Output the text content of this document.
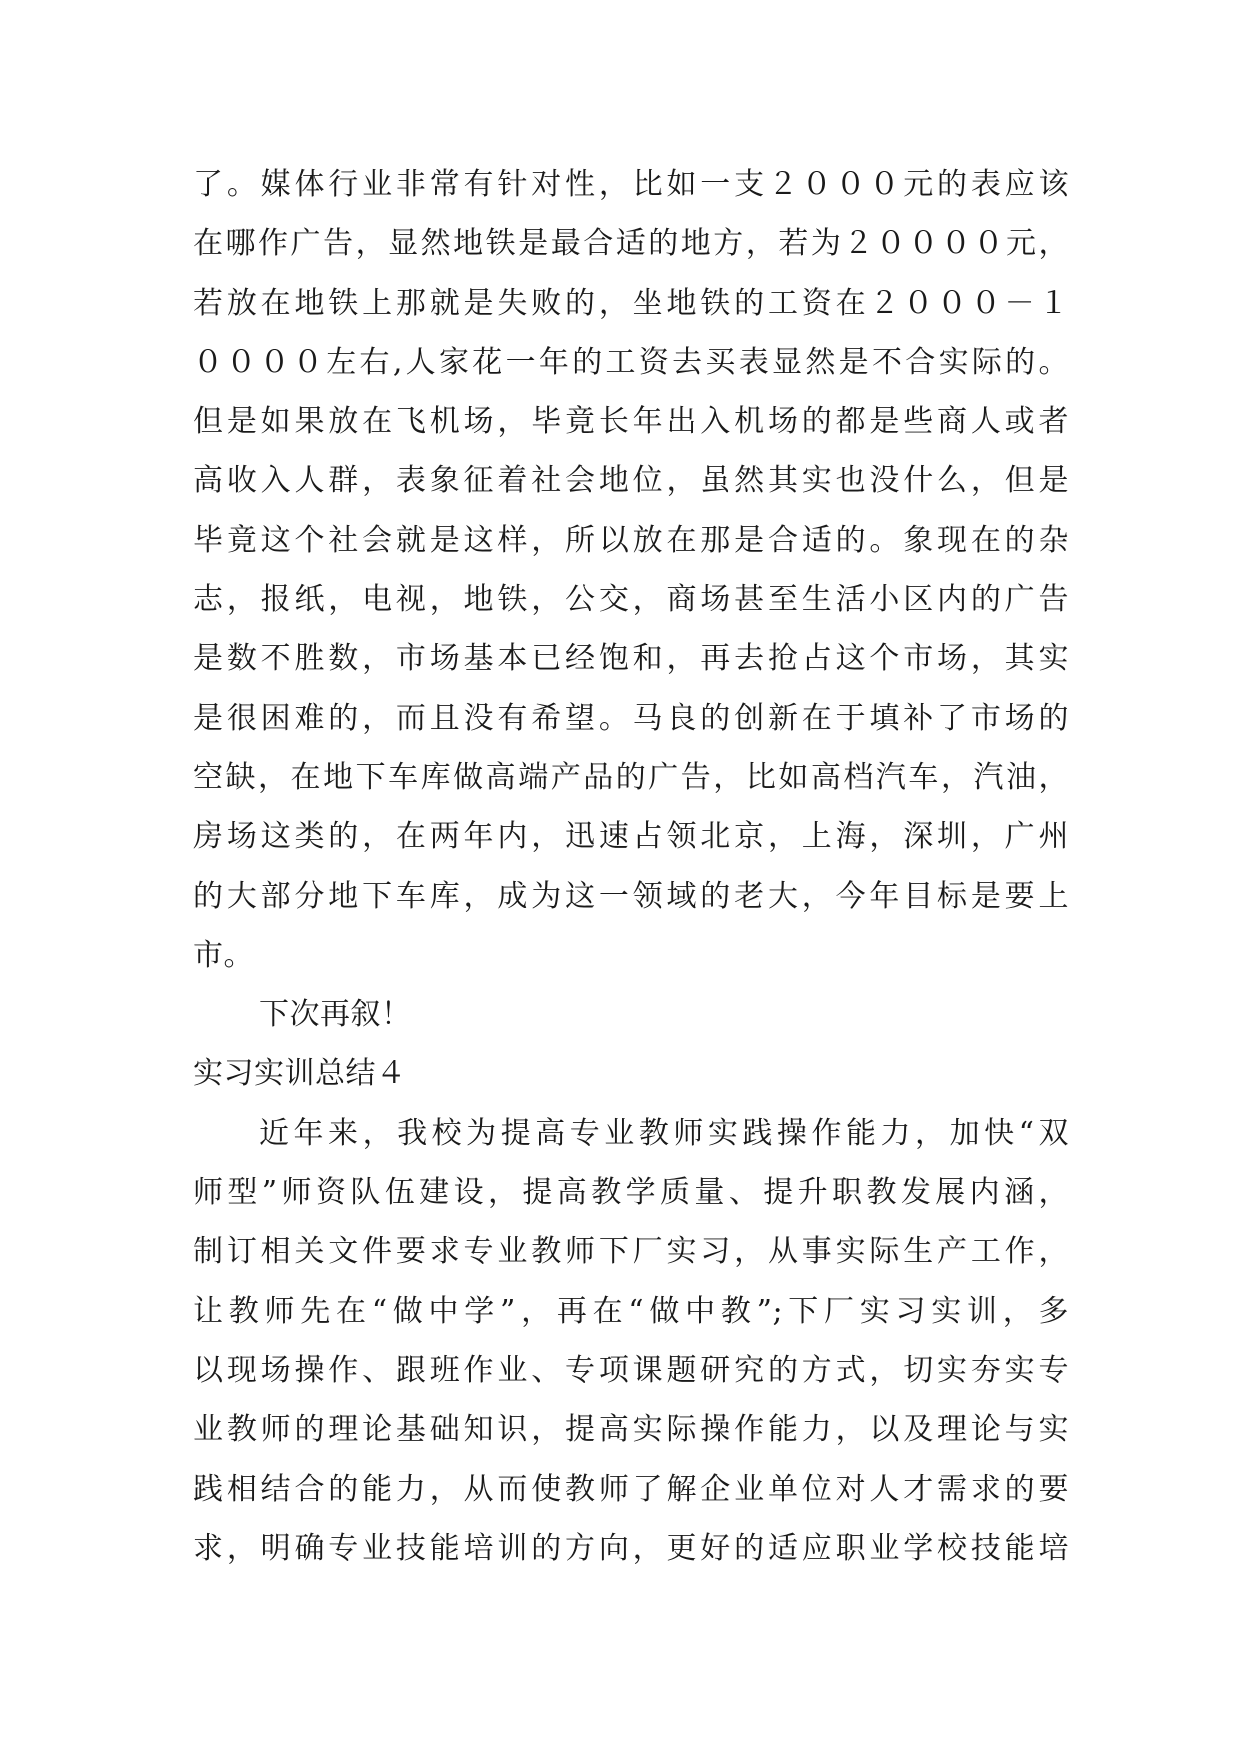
了。媒体行业非常有针对性，比如一支２０００元的表应该
在哪作广告，显然地铁是最合适的地方，若为２００００元，
若放在地铁上那就是失败的，坐地铁的工资在２０００－１
００００左右,人家花一年的工资去买表显然是不合实际的。
但是如果放在飞机场，毕竟长年出入机场的都是些商人或者
高收入人群，表象征着社会地位，虽然其实也没什么，但是
毕竟这个社会就是这样，所以放在那是合适的。象现在的杂
志，报纸，电视，地铁，公交，商场甚至生活小区内的广告
是数不胜数，市场基本已经饱和，再去抢占这个市场，其实
是很困难的，而且没有希望。马良的创新在于填补了市场的
空缺，在地下车库做高端产品的广告，比如高档汽车，汽油，
房场这类的，在两年内，迅速占领北京，上海，深圳，广州
的大部分地下车库，成为这一领域的老大，今年目标是要上
市。
下次再叙！
实习实训总结４
近年来，我校为提高专业教师实践操作能力，加快“双
师型”师资队伍建设，提高教学质量、提升职教发展内涵，
制订相关文件要求专业教师下厂实习，从事实际生产工作，
让教师先在“做中学”，再在“做中教”;下厂实习实训，多
以现场操作、跟班作业、专项课题研究的方式，切实夯实专
业教师的理论基础知识，提高实际操作能力，以及理论与实
践相结合的能力，从而使教师了解企业单位对人才需求的要
求，明确专业技能培训的方向，更好的适应职业学校技能培
